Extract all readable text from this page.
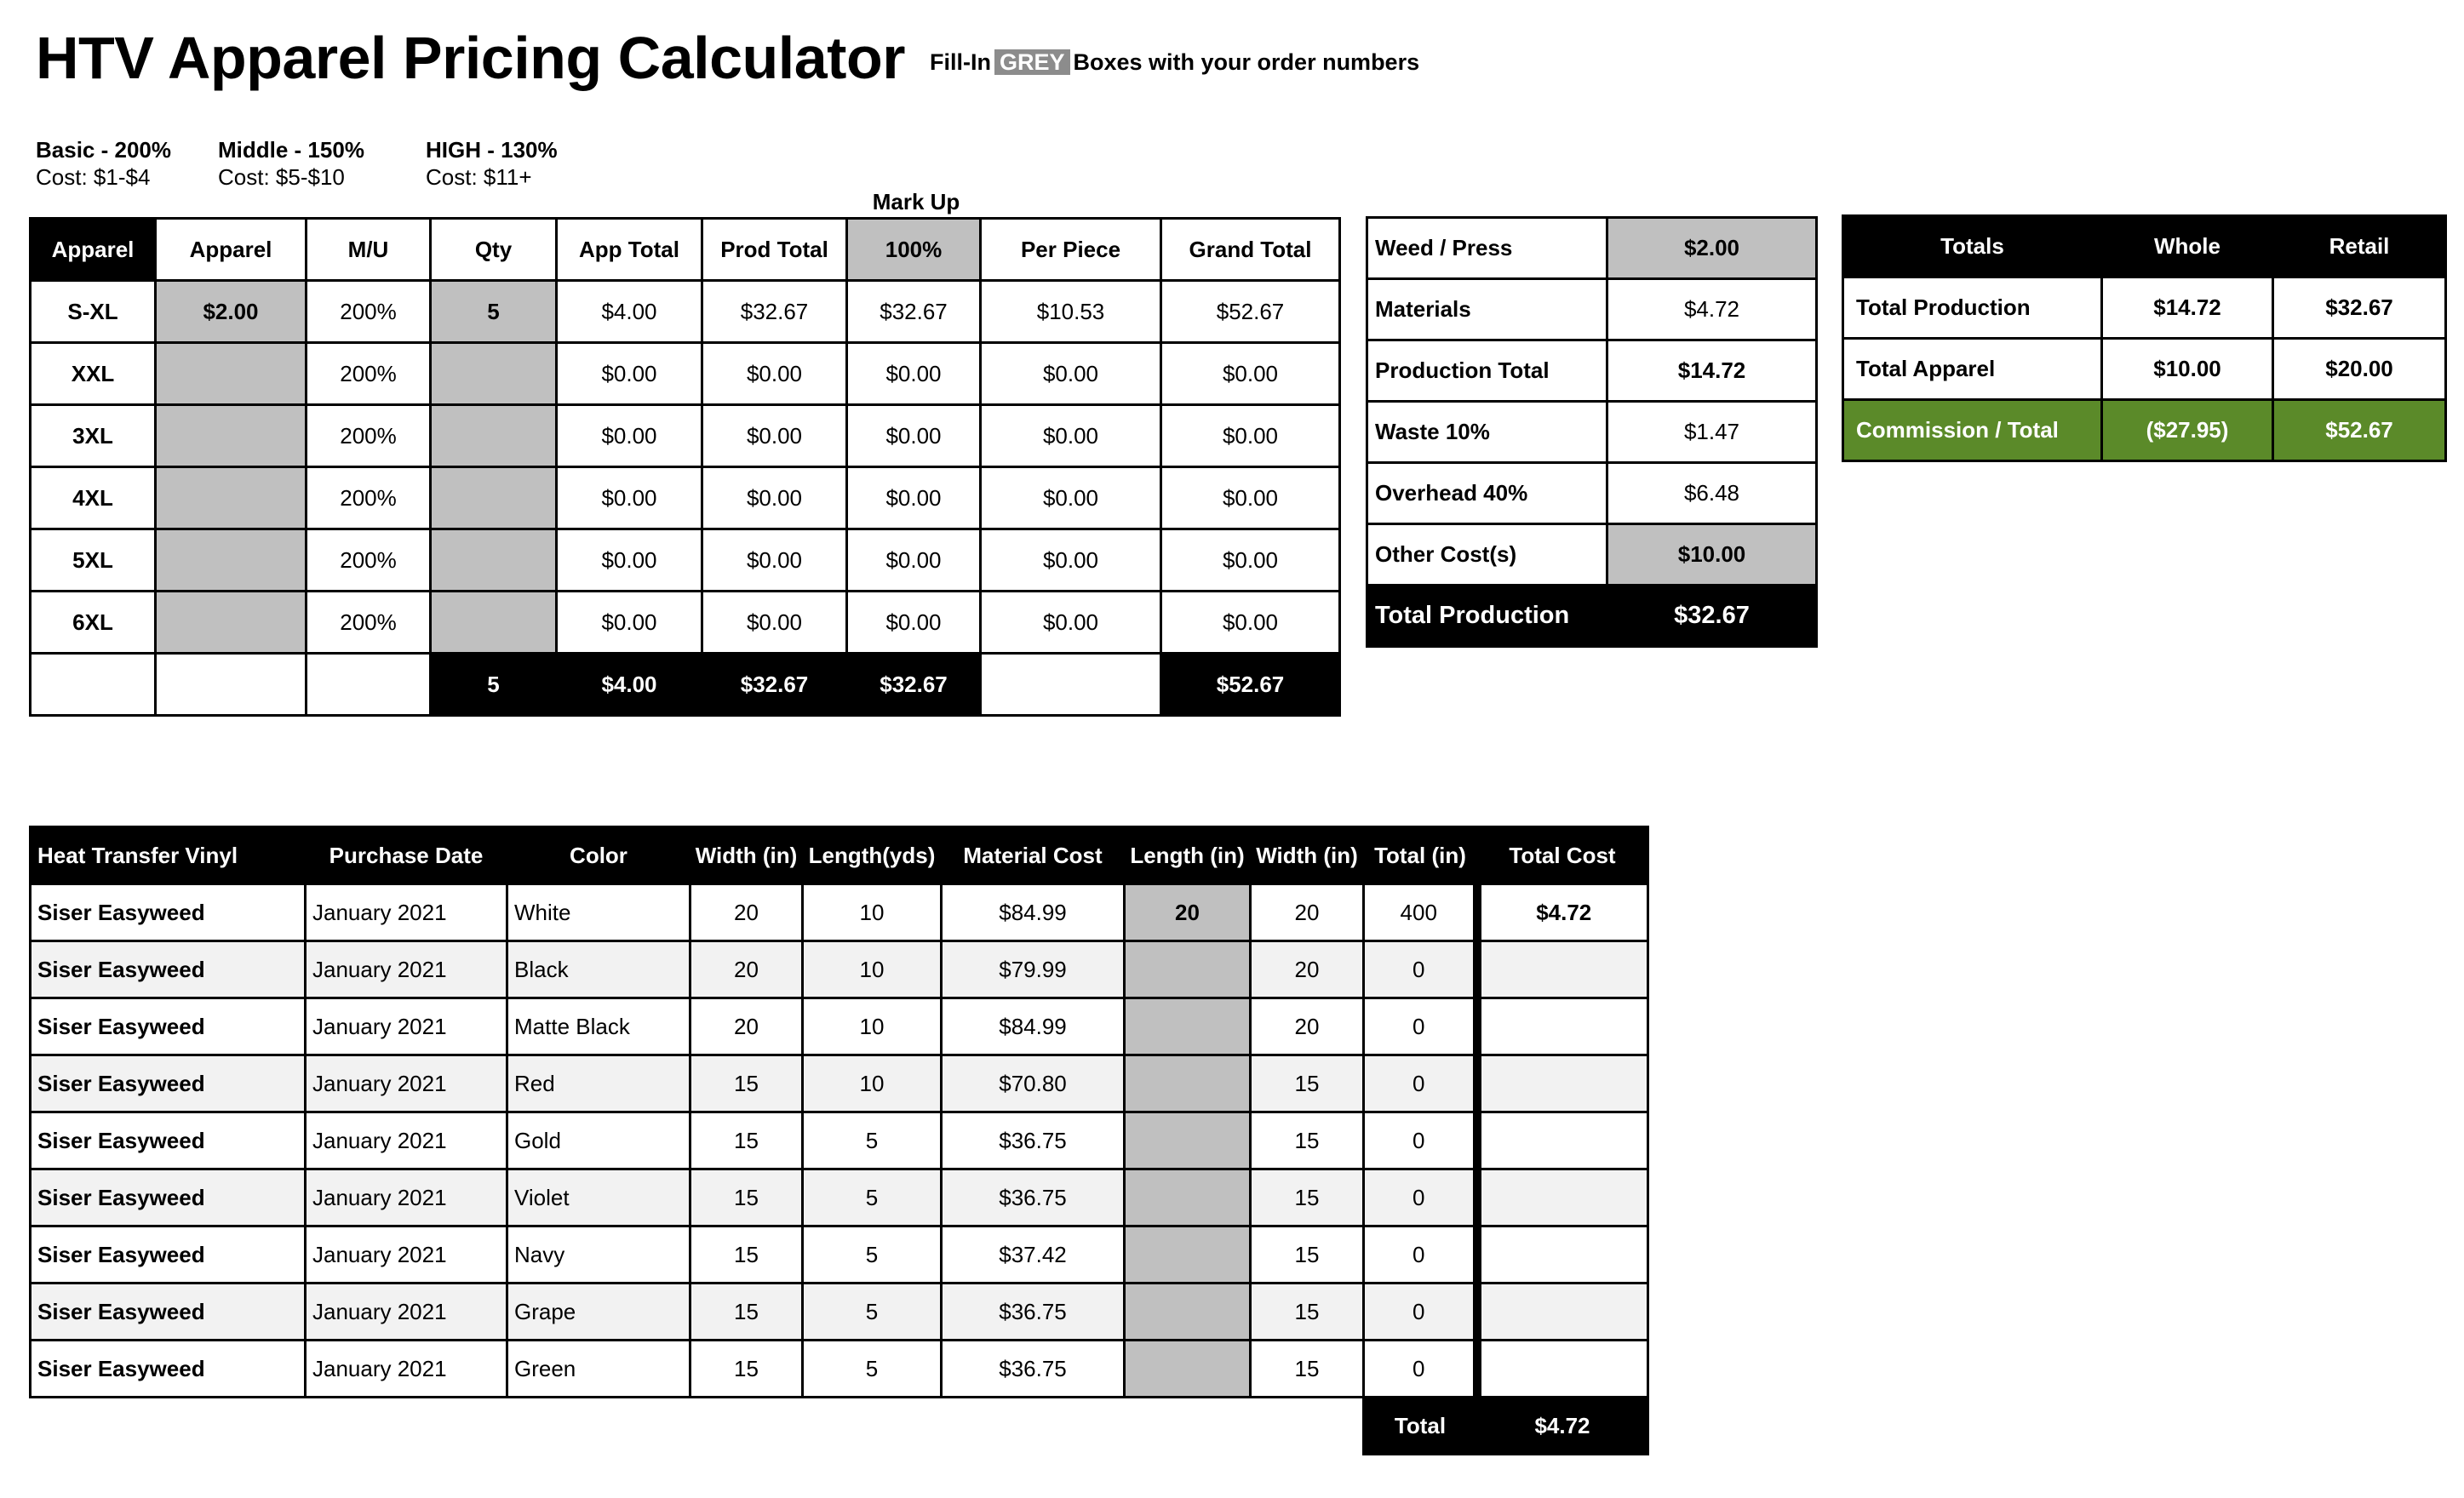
HTV Apparel Pricing Calculator Fill-In GREY Boxes with your order numbers
Basic - 200%
Cost: $1-$4
Middle - 150%
Cost: $5-$10
HIGH - 130%
Cost: $11+
Mark Up
Apparel	Apparel	M/U	Qty	App Total	Prod Total	100%	Per Piece	Grand Total
S-XL	$2.00	200%	5	$4.00	$32.67	$32.67	$10.53	$52.67
XXL		200%		$0.00	$0.00	$0.00	$0.00	$0.00
3XL		200%		$0.00	$0.00	$0.00	$0.00	$0.00
4XL		200%		$0.00	$0.00	$0.00	$0.00	$0.00
5XL		200%		$0.00	$0.00	$0.00	$0.00	$0.00
6XL		200%		$0.00	$0.00	$0.00	$0.00	$0.00
			5	$4.00	$32.67	$32.67		$52.67
Weed / Press	$2.00
Materials	$4.72
Production Total	$14.72
Waste 10%	$1.47
Overhead 40%	$6.48
Other Cost(s)	$10.00
Total Production	$32.67
Totals	Whole	Retail
Total Production	$14.72	$32.67
Total Apparel	$10.00	$20.00
Commission / Total	($27.95)	$52.67
Heat Transfer Vinyl	Purchase Date	Color	Width (in)	Length(yds)	Material Cost	Length (in)	Width (in)	Total (in)	Total Cost
Siser Easyweed	January 2021	White	20	10	$84.99	20	20	400	$4.72
Siser Easyweed	January 2021	Black	20	10	$79.99		20	0	
Siser Easyweed	January 2021	Matte Black	20	10	$84.99		20	0	
Siser Easyweed	January 2021	Red	15	10	$70.80		15	0	
Siser Easyweed	January 2021	Gold	15	5	$36.75		15	0	
Siser Easyweed	January 2021	Violet	15	5	$36.75		15	0	
Siser Easyweed	January 2021	Navy	15	5	$37.42		15	0	
Siser Easyweed	January 2021	Grape	15	5	$36.75		15	0	
Siser Easyweed	January 2021	Green	15	5	$36.75		15	0	
								Total	$4.72
